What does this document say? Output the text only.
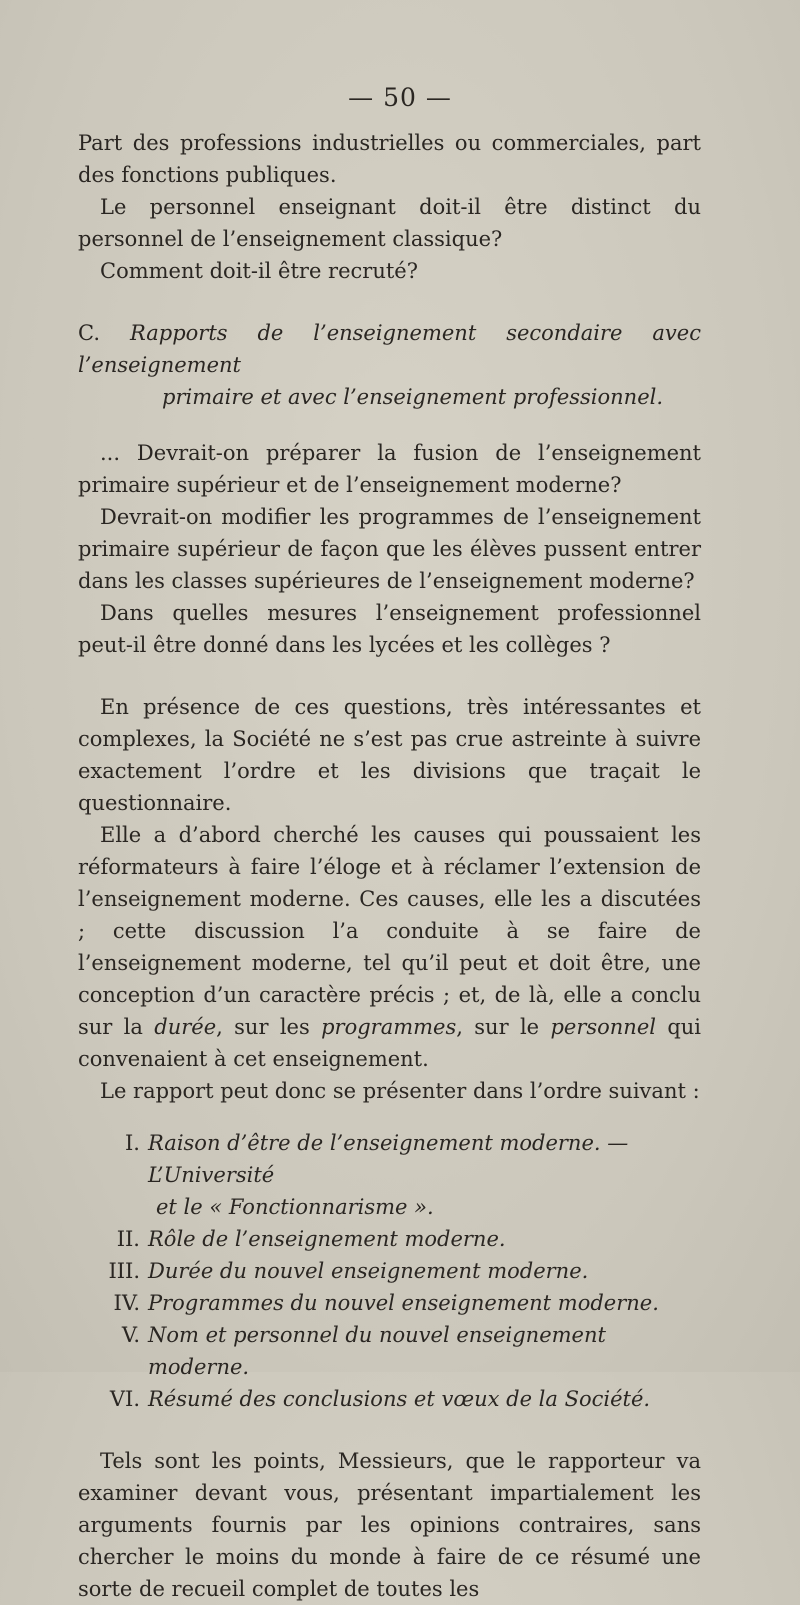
— 50 —

Part des professions industrielles ou commerciales, part des fonctions publiques.

Le personnel enseignant doit-il être distinct du personnel de l’enseignement classique?

Comment doit-il être recruté?

C. Rapports de l’enseignement secondaire avec l’enseignement

primaire et avec l’enseignement professionnel.

... Devrait-on préparer la fusion de l’enseignement primaire supérieur et de l’enseignement moderne?

Devrait-on modifier les programmes de l’enseignement primaire supérieur de façon que les élèves pussent entrer dans les classes supérieures de l’enseignement moderne?

Dans quelles mesures l’enseignement professionnel peut-il être donné dans les lycées et les collèges ?

En présence de ces questions, très intéressantes et complexes, la Société ne s’est pas crue astreinte à suivre exactement l’ordre et les divisions que traçait le questionnaire.

Elle a d’abord cherché les causes qui poussaient les réformateurs à faire l’éloge et à réclamer l’extension de l’enseignement moderne. Ces causes, elle les a discutées ; cette discussion l’a conduite à se faire de l’enseignement moderne, tel qu’il peut et doit être, une conception d’un caractère précis ; et, de là, elle a conclu sur la durée, sur les programmes, sur le personnel qui convenaient à cet enseignement.

Le rapport peut donc se présenter dans l’ordre suivant :

I. Raison d’être de l’enseignement moderne. — L’Université
et le « Fonctionnarisme ».
II. Rôle de l’enseignement moderne.
III. Durée du nouvel enseignement moderne.
IV. Programmes du nouvel enseignement moderne.
V. Nom et personnel du nouvel enseignement moderne.
VI. Résumé des conclusions et vœux de la Société.

Tels sont les points, Messieurs, que le rapporteur va examiner devant vous, présentant impartialement les arguments fournis par les opinions contraires, sans chercher le moins du monde à faire de ce résumé une sorte de recueil complet de toutes les
